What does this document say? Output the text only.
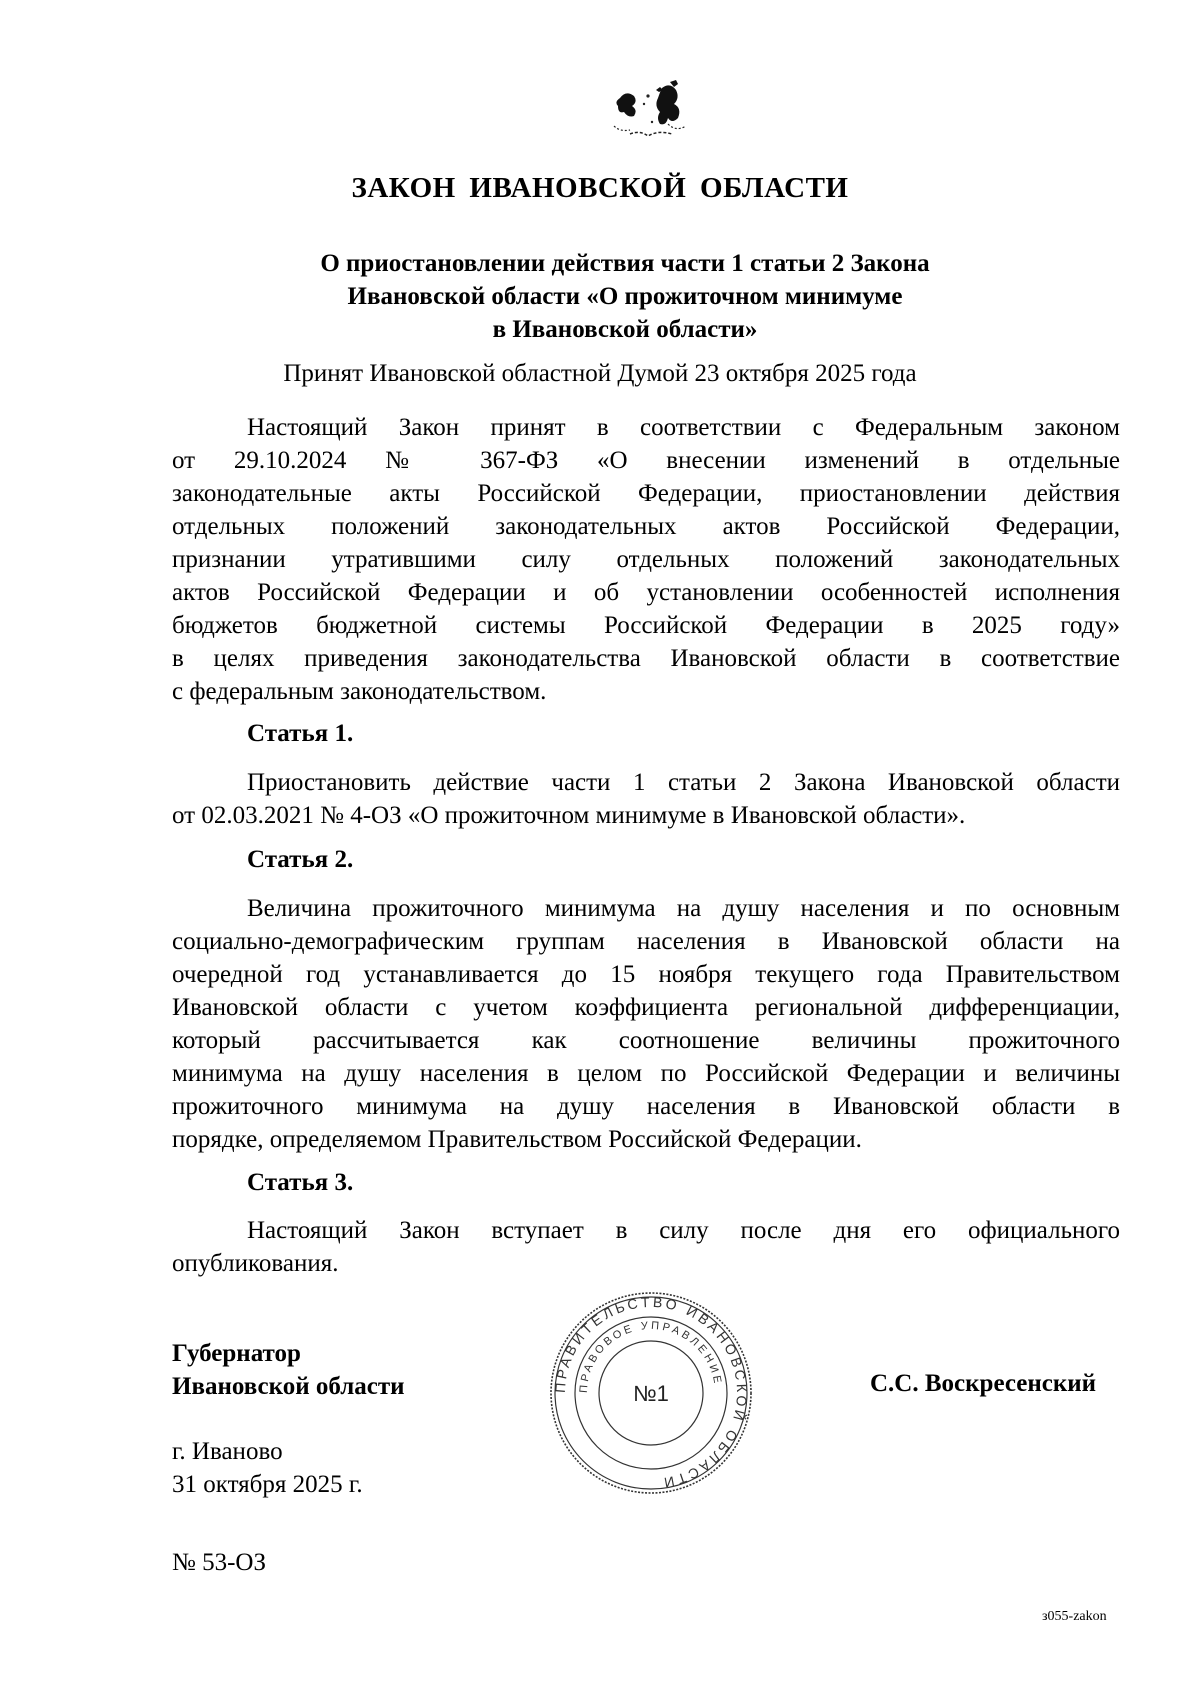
ЗАКОН ИВАНОВСКОЙ ОБЛАСТИ
О приостановлении действия части 1 статьи 2 Закона
Ивановской области «О прожиточном минимуме
в Ивановской области»

Принят Ивановской областной Думой 23 октября 2025 года

Настоящий Закон принят в соответствии с Федеральным законом
от 29.10.2024 № 367-ФЗ «О внесении изменений в отдельные
законодательные акты Российской Федерации, приостановлении действия
отдельных положений законодательных актов Российской Федерации,
признании утратившими силу отдельных положений законодательных
актов Российской Федерации и об установлении особенностей исполнения
бюджетов бюджетной системы Российской Федерации в 2025 году»
в целях приведения законодательства Ивановской области в соответствие
с федеральным законодательством.
Статья 1.
Приостановить действие части 1 статьи 2 Закона Ивановской области
от 02.03.2021 № 4-ОЗ «О прожиточном минимуме в Ивановской области».
Статья 2.
Величина прожиточного минимума на душу населения и по основным
социально-демографическим группам населения в Ивановской области на
очередной год устанавливается до 15 ноября текущего года Правительством
Ивановской области с учетом коэффициента региональной дифференциации,
который рассчитывается как соотношение величины прожиточного
минимума на душу населения в целом по Российской Федерации и величины
прожиточного минимума на душу населения в Ивановской области в
порядке, определяемом Правительством Российской Федерации.
Статья 3.
Настоящий Закон вступает в силу после дня его официального
опубликования.

Губернатор
Ивановской области	С.С. Воскресенский

г. Иваново
31 октября 2025 г.

№ 53-ОЗ

ПРАВИТЕЛЬСТВО ИВАНОВСКОЙ ОБЛАСТИ
ПРАВОВОЕ УПРАВЛЕНИЕ
№1

з055-zakon
